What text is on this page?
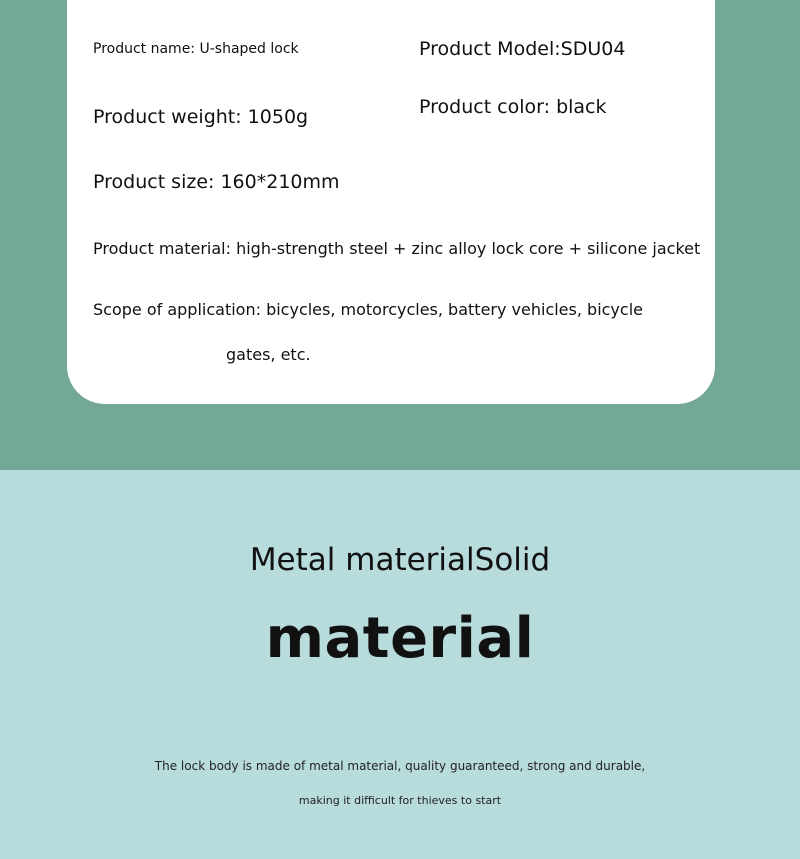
Product name: U-shaped lock	Product Model:SDU04
Product weight: 1050g	Product color: black
Product size: 160*210mm
Product material: high-strength steel + zinc alloy lock core + silicone jacket
Scope of application: bicycles, motorcycles, battery vehicles, bicycle
gates, etc.
Metal materialSolid
material
The lock body is made of metal material, quality guaranteed, strong and durable,
making it difficult for thieves to start
